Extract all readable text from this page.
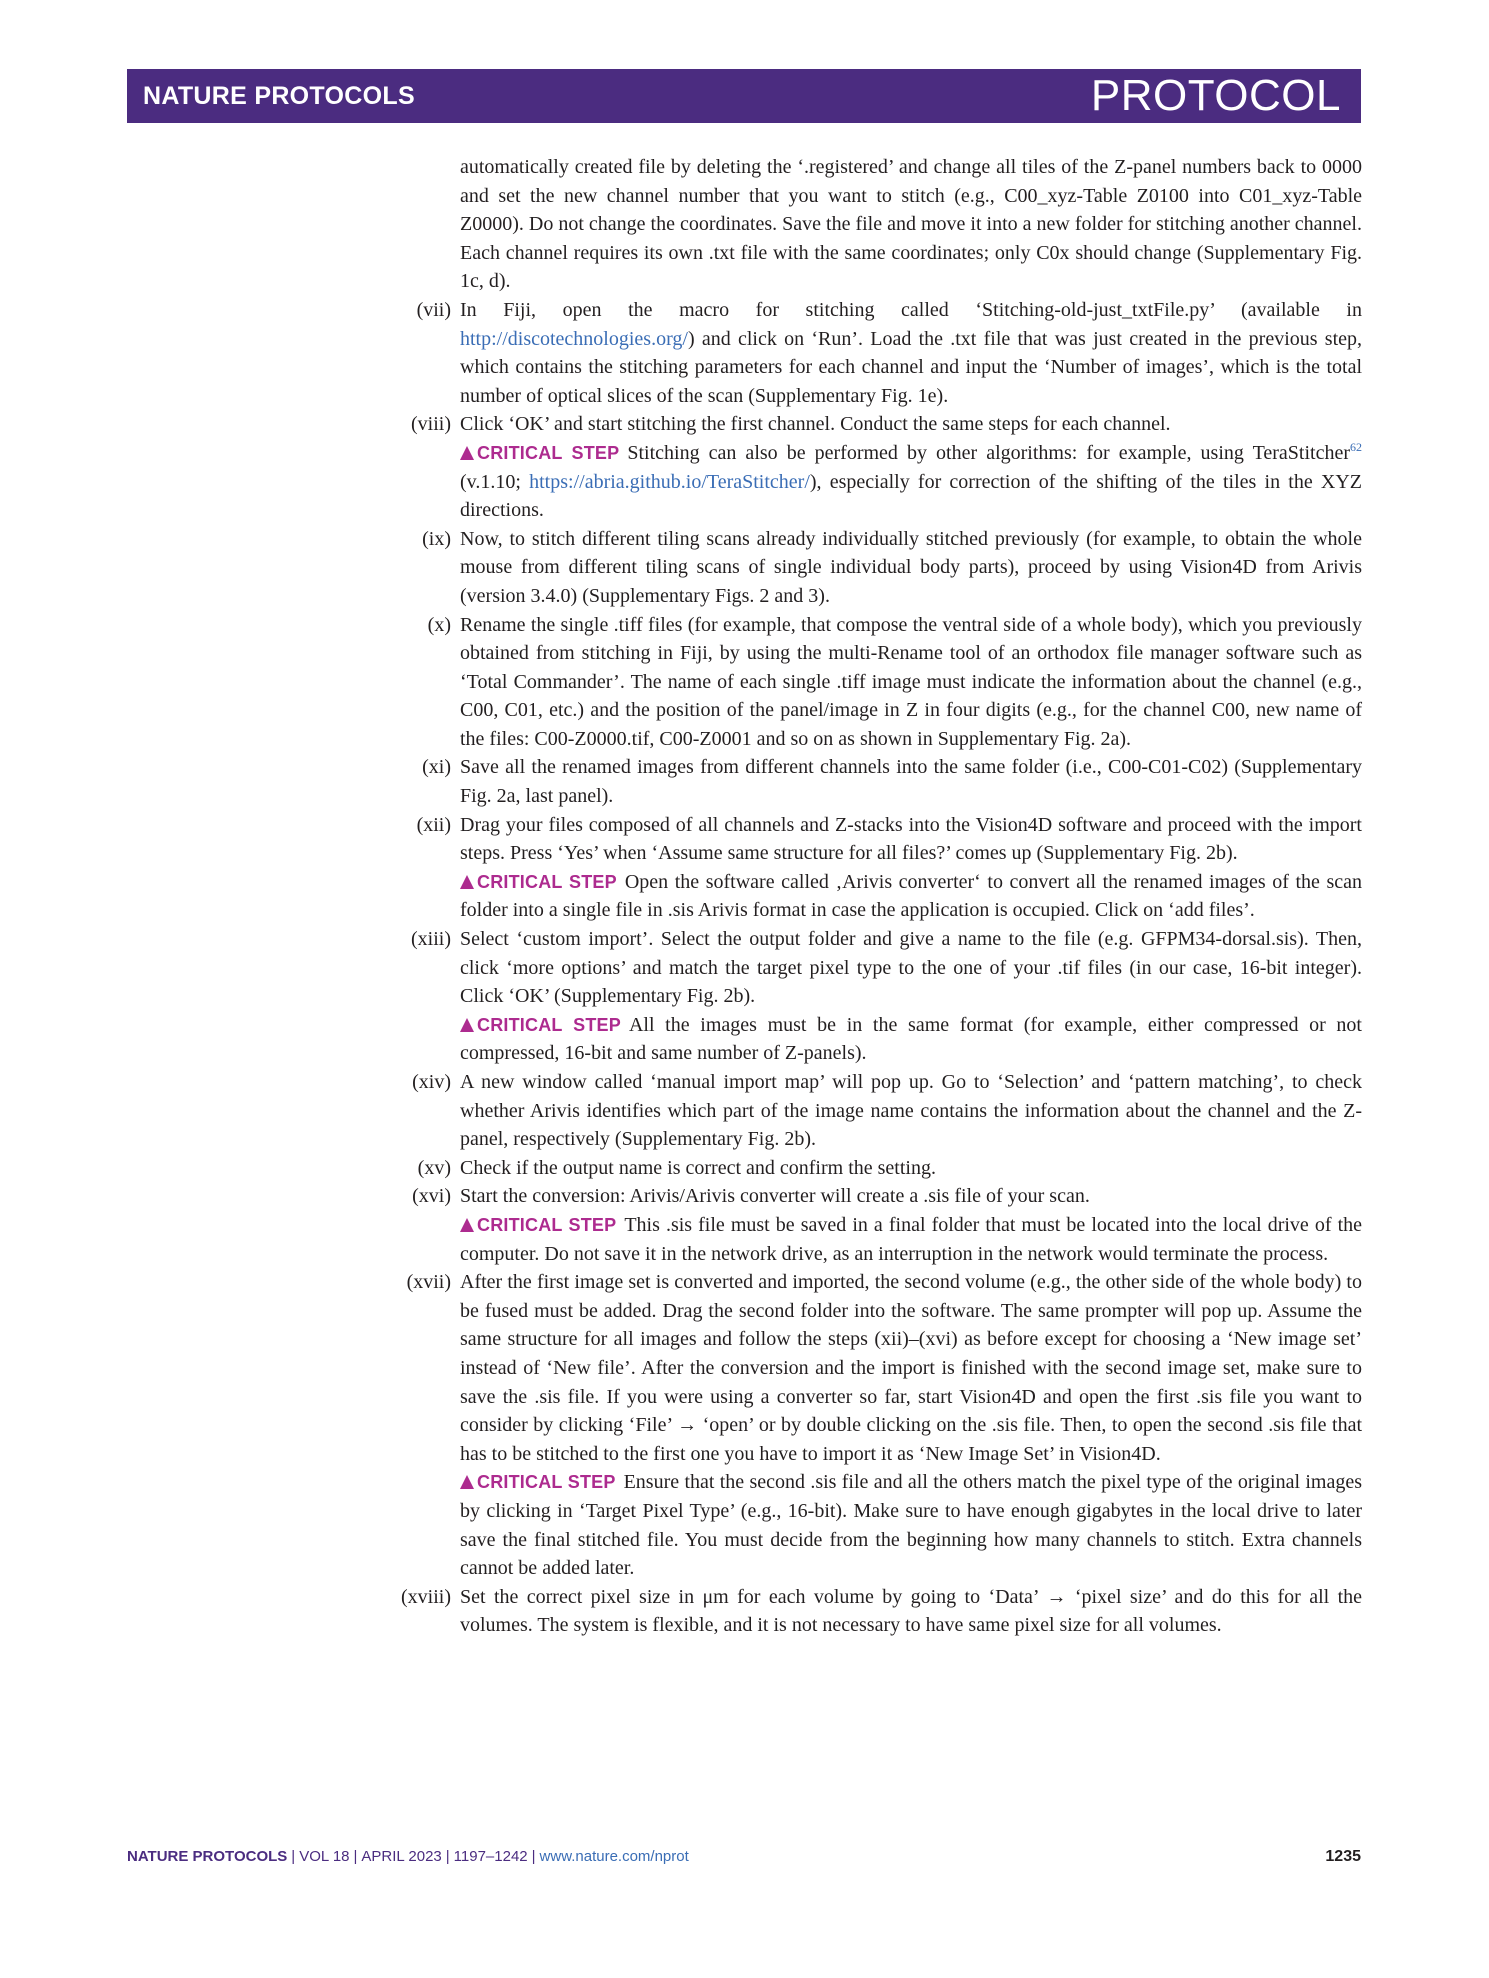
NATURE PROTOCOLS	PROTOCOL
automatically created file by deleting the ‘.registered’ and change all tiles of the Z-panel numbers back to 0000 and set the new channel number that you want to stitch (e.g., C00_xyz-Table Z0100 into C01_xyz-Table Z0000). Do not change the coordinates. Save the file and move it into a new folder for stitching another channel. Each channel requires its own .txt file with the same coordinates; only C0x should change (Supplementary Fig. 1c, d).
(vii) In Fiji, open the macro for stitching called ‘Stitching-old-just_txtFile.py’ (available in http://discotechnologies.org/) and click on ‘Run’. Load the .txt file that was just created in the previous step, which contains the stitching parameters for each channel and input the ‘Number of images’, which is the total number of optical slices of the scan (Supplementary Fig. 1e).
(viii) Click ‘OK’ and start stitching the first channel. Conduct the same steps for each channel.
CRITICAL STEP Stitching can also be performed by other algorithms: for example, using TeraStitcher$^{62}$ (v.1.10; https://abria.github.io/TeraStitcher/), especially for correction of the shifting of the tiles in the XYZ directions.
(ix) Now, to stitch different tiling scans already individually stitched previously (for example, to obtain the whole mouse from different tiling scans of single individual body parts), proceed by using Vision4D from Arivis (version 3.4.0) (Supplementary Figs. 2 and 3).
(x) Rename the single .tiff files (for example, that compose the ventral side of a whole body), which you previously obtained from stitching in Fiji, by using the multi-Rename tool of an orthodox file manager software such as ‘Total Commander’. The name of each single .tiff image must indicate the information about the channel (e.g., C00, C01, etc.) and the position of the panel/image in Z in four digits (e.g., for the channel C00, new name of the files: C00-Z0000.tif, C00-Z0001 and so on as shown in Supplementary Fig. 2a).
(xi) Save all the renamed images from different channels into the same folder (i.e., C00-C01-C02) (Supplementary Fig. 2a, last panel).
(xii) Drag your files composed of all channels and Z-stacks into the Vision4D software and proceed with the import steps. Press ‘Yes’ when ‘Assume same structure for all files?’ comes up (Supplementary Fig. 2b).
CRITICAL STEP Open the software called ‚Arivis converter‘ to convert all the renamed images of the scan folder into a single file in .sis Arivis format in case the application is occupied. Click on ‘add files’.
(xiii) Select ‘custom import’. Select the output folder and give a name to the file (e.g. GFPM34-dorsal.sis). Then, click ‘more options’ and match the target pixel type to the one of your .tif files (in our case, 16-bit integer). Click ‘OK’ (Supplementary Fig. 2b).
CRITICAL STEP All the images must be in the same format (for example, either compressed or not compressed, 16-bit and same number of Z-panels).
(xiv) A new window called ‘manual import map’ will pop up. Go to ‘Selection’ and ‘pattern matching’, to check whether Arivis identifies which part of the image name contains the information about the channel and the Z-panel, respectively (Supplementary Fig. 2b).
(xv) Check if the output name is correct and confirm the setting.
(xvi) Start the conversion: Arivis/Arivis converter will create a .sis file of your scan.
CRITICAL STEP This .sis file must be saved in a final folder that must be located into the local drive of the computer. Do not save it in the network drive, as an interruption in the network would terminate the process.
(xvii) After the first image set is converted and imported, the second volume (e.g., the other side of the whole body) to be fused must be added. Drag the second folder into the software. The same prompter will pop up. Assume the same structure for all images and follow the steps (xii)–(xvi) as before except for choosing a ‘New image set’ instead of ‘New file’. After the conversion and the import is finished with the second image set, make sure to save the .sis file. If you were using a converter so far, start Vision4D and open the first .sis file you want to consider by clicking ‘File’ → ‘open’ or by double clicking on the .sis file. Then, to open the second .sis file that has to be stitched to the first one you have to import it as ‘New Image Set’ in Vision4D.
CRITICAL STEP Ensure that the second .sis file and all the others match the pixel type of the original images by clicking in ‘Target Pixel Type’ (e.g., 16-bit). Make sure to have enough gigabytes in the local drive to later save the final stitched file. You must decide from the beginning how many channels to stitch. Extra channels cannot be added later.
(xviii) Set the correct pixel size in μm for each volume by going to ‘Data’ → ‘pixel size’ and do this for all the volumes. The system is flexible, and it is not necessary to have same pixel size for all volumes.
NATURE PROTOCOLS | VOL 18 | APRIL 2023 | 1197–1242 | www.nature.com/nprot	1235
